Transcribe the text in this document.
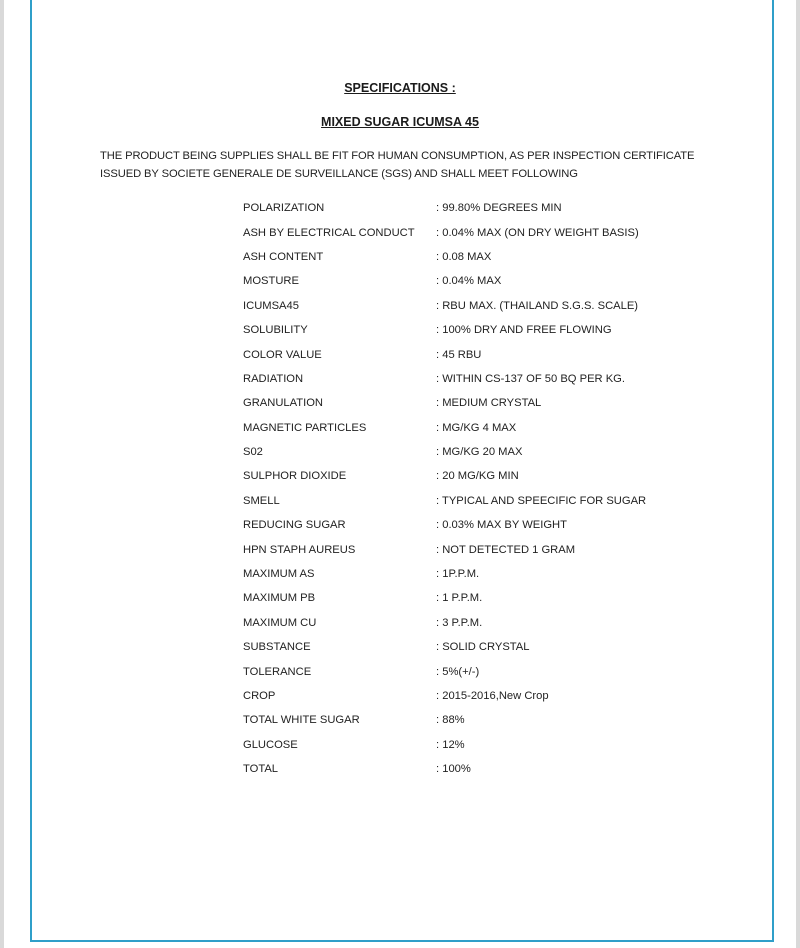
SPECIFICATIONS :
MIXED SUGAR ICUMSA 45
THE PRODUCT BEING SUPPLIES SHALL BE FIT FOR HUMAN CONSUMPTION, AS PER INSPECTION CERTIFICATE
ISSUED BY SOCIETE GENERALE DE SURVEILLANCE (SGS) AND SHALL MEET FOLLOWING
POLARIZATION	: 99.80% DEGREES MIN
ASH BY ELECTRICAL CONDUCT	: 0.04% MAX (ON DRY WEIGHT BASIS)
ASH CONTENT	: 0.08 MAX
MOSTURE	: 0.04% MAX
ICUMSA45	: RBU MAX. (THAILAND S.G.S. SCALE)
SOLUBILITY	: 100% DRY AND FREE FLOWING
COLOR VALUE	: 45 RBU
RADIATION	: WITHIN CS-137 OF 50 BQ PER KG.
GRANULATION	: MEDIUM CRYSTAL
MAGNETIC PARTICLES	: MG/KG 4 MAX
S02	: MG/KG 20 MAX
SULPHOR DIOXIDE	: 20 MG/KG MIN
SMELL	: TYPICAL AND SPEECIFIC FOR SUGAR
REDUCING SUGAR	: 0.03% MAX BY WEIGHT
HPN STAPH AUREUS	: NOT DETECTED 1 GRAM
MAXIMUM AS	: 1P.P.M.
MAXIMUM PB	: 1 P.P.M.
MAXIMUM CU	: 3 P.P.M.
SUBSTANCE	: SOLID CRYSTAL
TOLERANCE	: 5%(+/-)
CROP	: 2015-2016,New Crop
TOTAL WHITE SUGAR	: 88%
GLUCOSE	: 12%
TOTAL	: 100%
